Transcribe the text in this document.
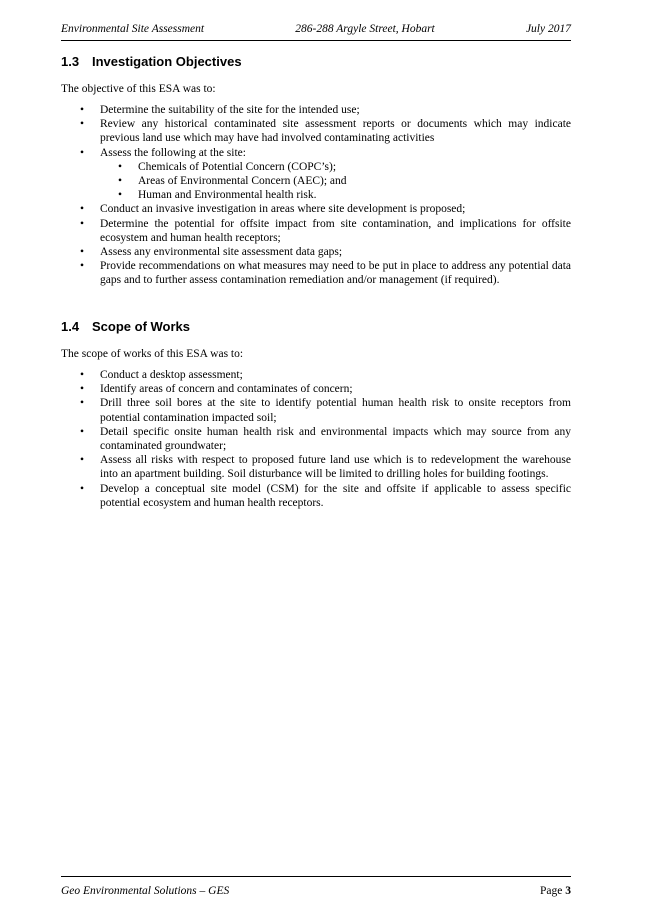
Environmental Site Assessment	286-288 Argyle Street, Hobart	July 2017
1.3 Investigation Objectives

The objective of this ESA was to:

• Determine the suitability of the site for the intended use;
• Review any historical contaminated site assessment reports or documents which may indicate previous land use which may have had involved contaminating activities
• Assess the following at the site:
• Chemicals of Potential Concern (COPC’s);
• Areas of Environmental Concern (AEC); and
• Human and Environmental health risk.
• Conduct an invasive investigation in areas where site development is proposed;
• Determine the potential for offsite impact from site contamination, and implications for offsite ecosystem and human health receptors;
• Assess any environmental site assessment data gaps;
• Provide recommendations on what measures may need to be put in place to address any potential data gaps and to further assess contamination remediation and/or management (if required).
1.4 Scope of Works

The scope of works of this ESA was to:

• Conduct a desktop assessment;
• Identify areas of concern and contaminates of concern;
• Drill three soil bores at the site to identify potential human health risk to onsite receptors from potential contamination impacted soil;
• Detail specific onsite human health risk and environmental impacts which may source from any contaminated groundwater;
• Assess all risks with respect to proposed future land use which is to redevelopment the warehouse into an apartment building. Soil disturbance will be limited to drilling holes for building footings.
• Develop a conceptual site model (CSM) for the site and offsite if applicable to assess specific potential ecosystem and human health receptors.
Geo Environmental Solutions – GES	Page 3
